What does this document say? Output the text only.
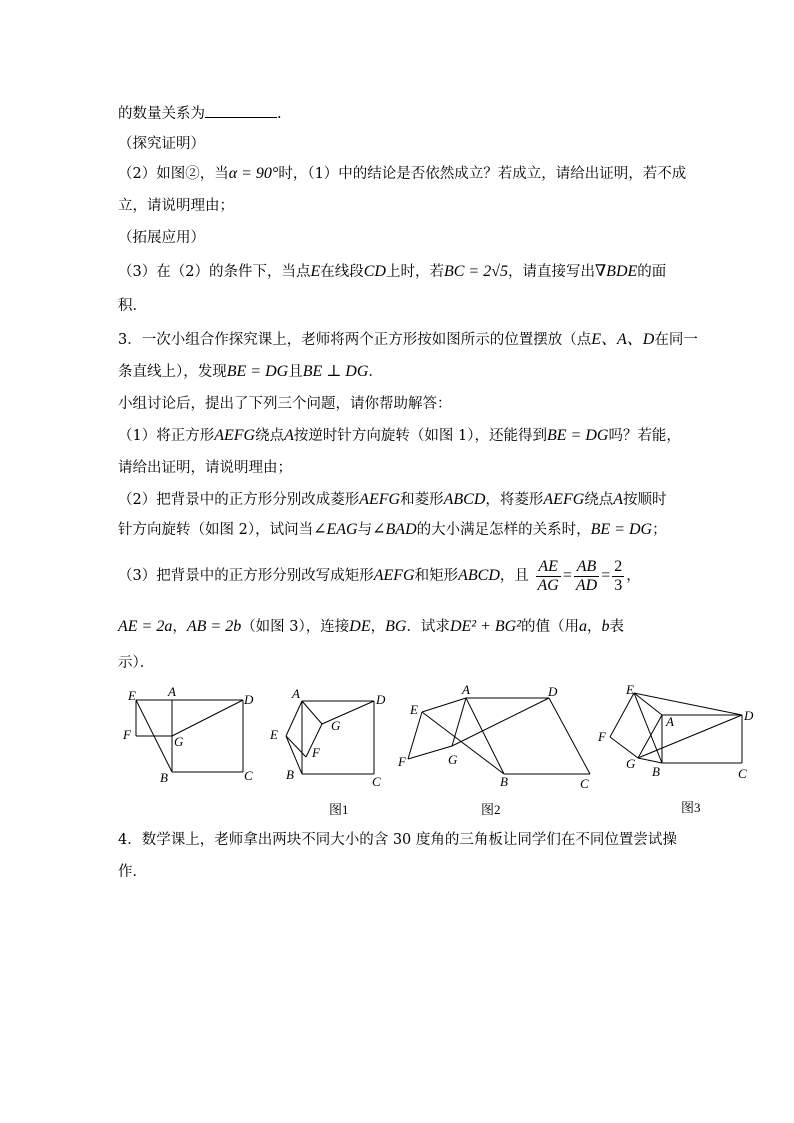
的数量关系为	.
（探究证明）
（2）如图②，当α = 90°时，（1）中的结论是否依然成立？若成立，请给出证明，若不成
立，请说明理由；
（拓展应用）
（3）在（2）的条件下，当点E在线段CD上时，若BC = 2√5，请直接写出∇BDE的面
积．
3．一次小组合作探究课上，老师将两个正方形按如图所示的位置摆放（点E、A、D在同一
条直线上），发现BE = DG且BE ⊥ DG．
小组讨论后，提出了下列三个问题，请你帮助解答：
（1）将正方形AEFG绕点A按逆时针方向旋转（如图 1），还能得到BE = DG吗？若能，
请给出证明，请说明理由；
（2）把背景中的正方形分别改成菱形AEFG和菱形ABCD，将菱形AEFG绕点A按顺时
针方向旋转（如图 2），试问当∠EAG与∠BAD的大小满足怎样的关系时，BE = DG；
（3）把背景中的正方形分别改写成矩形AEFG和矩形ABCD，且 $\frac{AE}{AG} = \frac{AB}{AD} = \frac{2}{3}$ ，
AE = 2a，AB = 2b（如图 3），连接DE，BG．试求DE² + BG²的值（用a，b表
示）．
E A
D
F	G
B	C
A	D
E
G
F
B	C
图1
A	D
E
G
F
B	C
图2
E
D
A
F
G
B	C
图3
4．数学课上，老师拿出两块不同大小的含 30 度角的三角板让同学们在不同位置尝试操
作．
